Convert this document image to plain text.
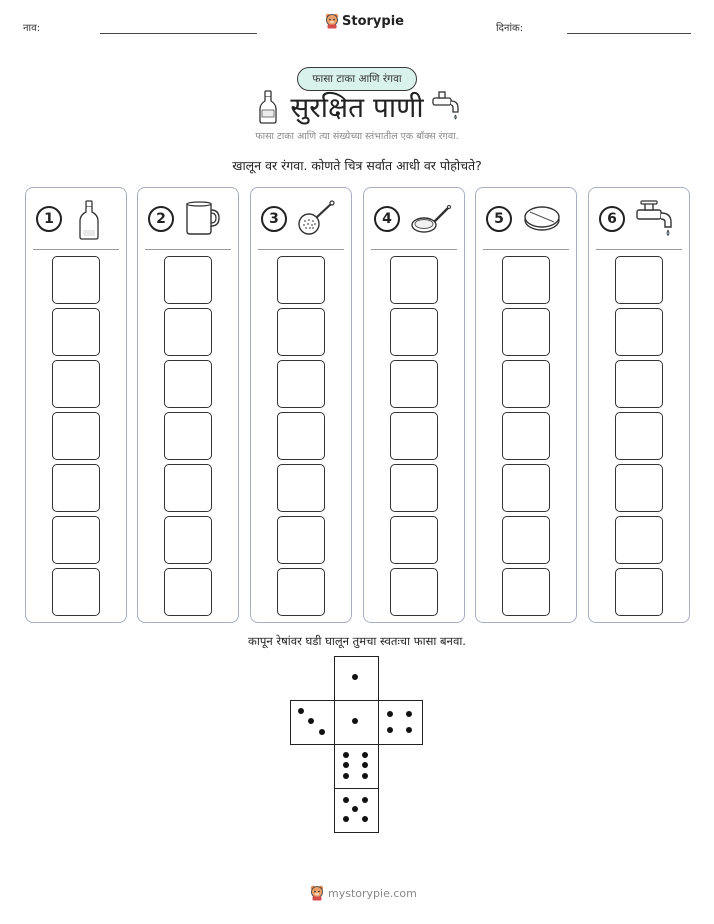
नाव:	Storypie	दिनांक:
फासा टाका आणि रंगवा
सुरक्षित पाणी
फासा टाका आणि त्या संख्येच्या स्तंभातील एक बॉक्स रंगवा.
खालून वर रंगवा. कोणते चित्र सर्वात आधी वर पोहोचते?
1	2	3	4	5	6
कापून रेषांवर घडी घालून तुमचा स्वतःचा फासा बनवा.
mystorypie.com
